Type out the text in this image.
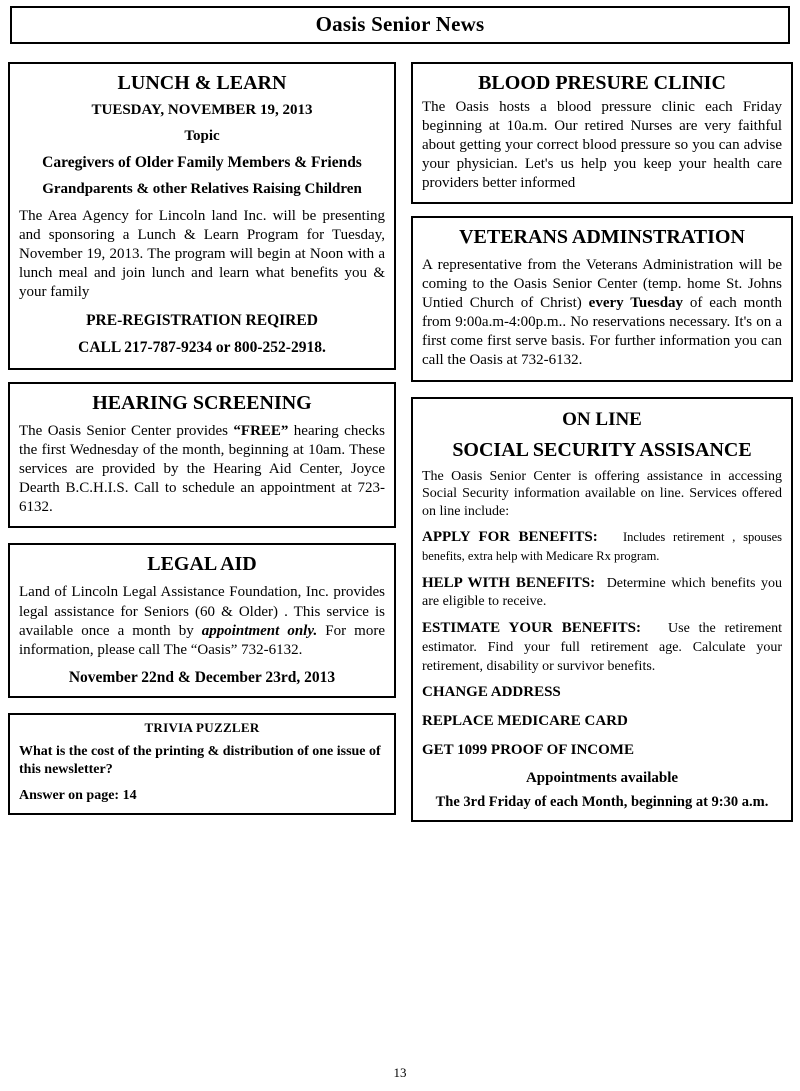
Oasis Senior News
LUNCH & LEARN

TUESDAY, NOVEMBER 19, 2013

Topic

Caregivers of Older Family Members & Friends

Grandparents & other Relatives Raising Children

The Area Agency for Lincoln land Inc. will be presenting and sponsoring a Lunch & Learn Program for Tuesday, November 19, 2013. The program will begin at Noon with a lunch meal and join lunch and learn what benefits you & your family

PRE-REGISTRATION REQIRED

CALL 217-787-9234 or 800-252-2918.

HEARING SCREENING

The Oasis Senior Center provides “FREE” hearing checks the first Wednesday of the month, beginning at 10am. These services are provided by the Hearing Aid Center, Joyce Dearth B.C.H.I.S. Call to schedule an appointment at 723-6132.

LEGAL AID

Land of Lincoln Legal Assistance Foundation, Inc. provides legal assistance for Seniors (60 & Older) . This service is available once a month by appointment only. For more information, please call The “Oasis” 732-6132.

November 22nd & December 23rd, 2013

TRIVIA PUZZLER

What is the cost of the printing & distribution of one issue of this newsletter?

Answer on page: 14

BLOOD PRESURE CLINIC

The Oasis hosts a blood pressure clinic each Friday beginning at 10a.m. Our retired Nurses are very faithful about getting your correct blood pressure so you can advise your physician. Let's us help you keep your health care providers better informed

VETERANS ADMINSTRATION

A representative from the Veterans Administration will be coming to the Oasis Senior Center (temp. home St. Johns Untied Church of Christ) every Tuesday of each month from 9:00a.m-4:00p.m.. No reservations necessary. It's on a first come first serve basis. For further information you can call the Oasis at 732-6132.

ON LINE
SOCIAL SECURITY ASSISANCE

The Oasis Senior Center is offering assistance in accessing Social Security information available on line. Services offered on line include:

APPLY FOR BENEFITS: Includes retirement , spouses benefits, extra help with Medicare Rx program.

HELP WITH BENEFITS: Determine which benefits you are eligible to receive.

ESTIMATE YOUR BENEFITS: Use the retirement estimator. Find your full retirement age. Calculate your retirement, disability or survivor benefits.

CHANGE ADDRESS

REPLACE MEDICARE CARD

GET 1099 PROOF OF INCOME

Appointments available

The 3rd Friday of each Month, beginning at 9:30 a.m.

13
